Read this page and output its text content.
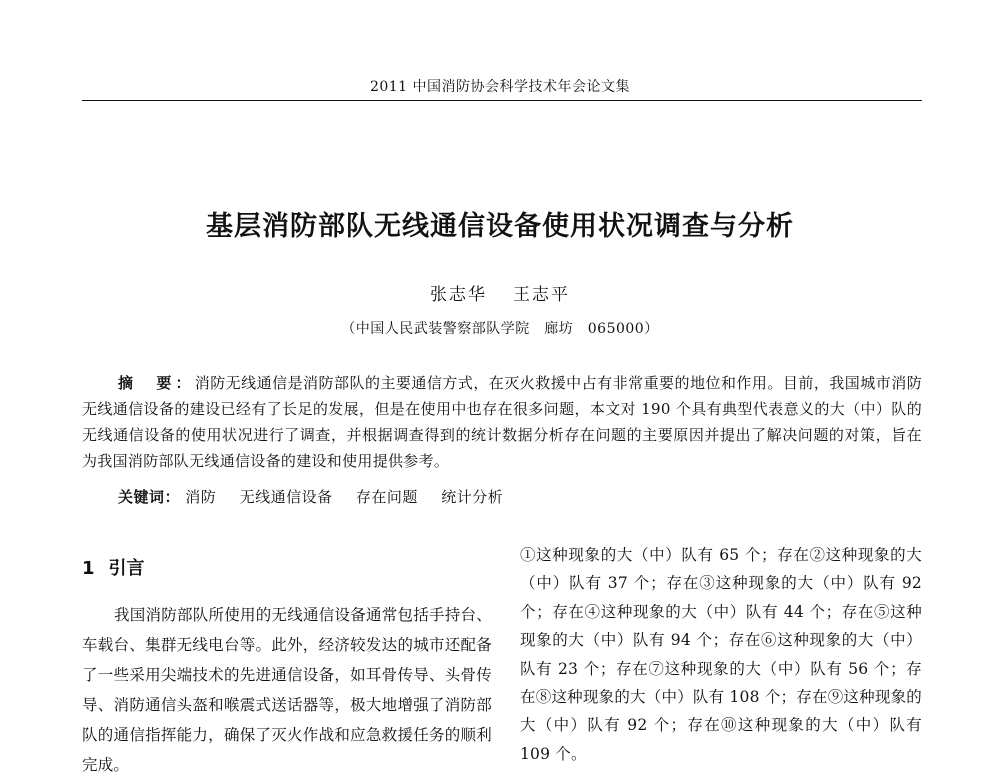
2011 中国消防协会科学技术年会论文集
基层消防部队无线通信设备使用状况调查与分析
张志华 王志平
（中国人民武装警察部队学院　廊坊　065000）

摘　要：消防无线通信是消防部队的主要通信方式，在灭火救援中占有非常重要的地位和作用。目前，我国城市消防无线通信设备的建设已经有了长足的发展，但是在使用中也存在很多问题，本文对 190 个具有典型代表意义的大（中）队的无线通信设备的使用状况进行了调查，并根据调查得到的统计数据分析存在问题的主要原因并提出了解决问题的对策，旨在为我国消防部队无线通信设备的建设和使用提供参考。

关键词： 消防 无线通信设备 存在问题 统计分析
1 引言

我国消防部队所使用的无线通信设备通常包括手持台、车载台、集群无线电台等。此外，经济较发达的城市还配备了一些采用尖端技术的先进通信设备，如耳骨传导、头骨传导、消防通信头盔和喉震式送话器等，极大地增强了消防部队的通信指挥能力，确保了灭火作战和应急救援任务的顺利完成。

①这种现象的大（中）队有 65 个；存在②这种现象的大（中）队有 37 个；存在③这种现象的大（中）队有 92 个；存在④这种现象的大（中）队有 44 个；存在⑤这种现象的大（中）队有 94 个；存在⑥这种现象的大（中）队有 23 个；存在⑦这种现象的大（中）队有 56 个；存在⑧这种现象的大（中）队有 108 个；存在⑨这种现象的大（中）队有 92 个；存在⑩这种现象的大（中）队有 109 个。
